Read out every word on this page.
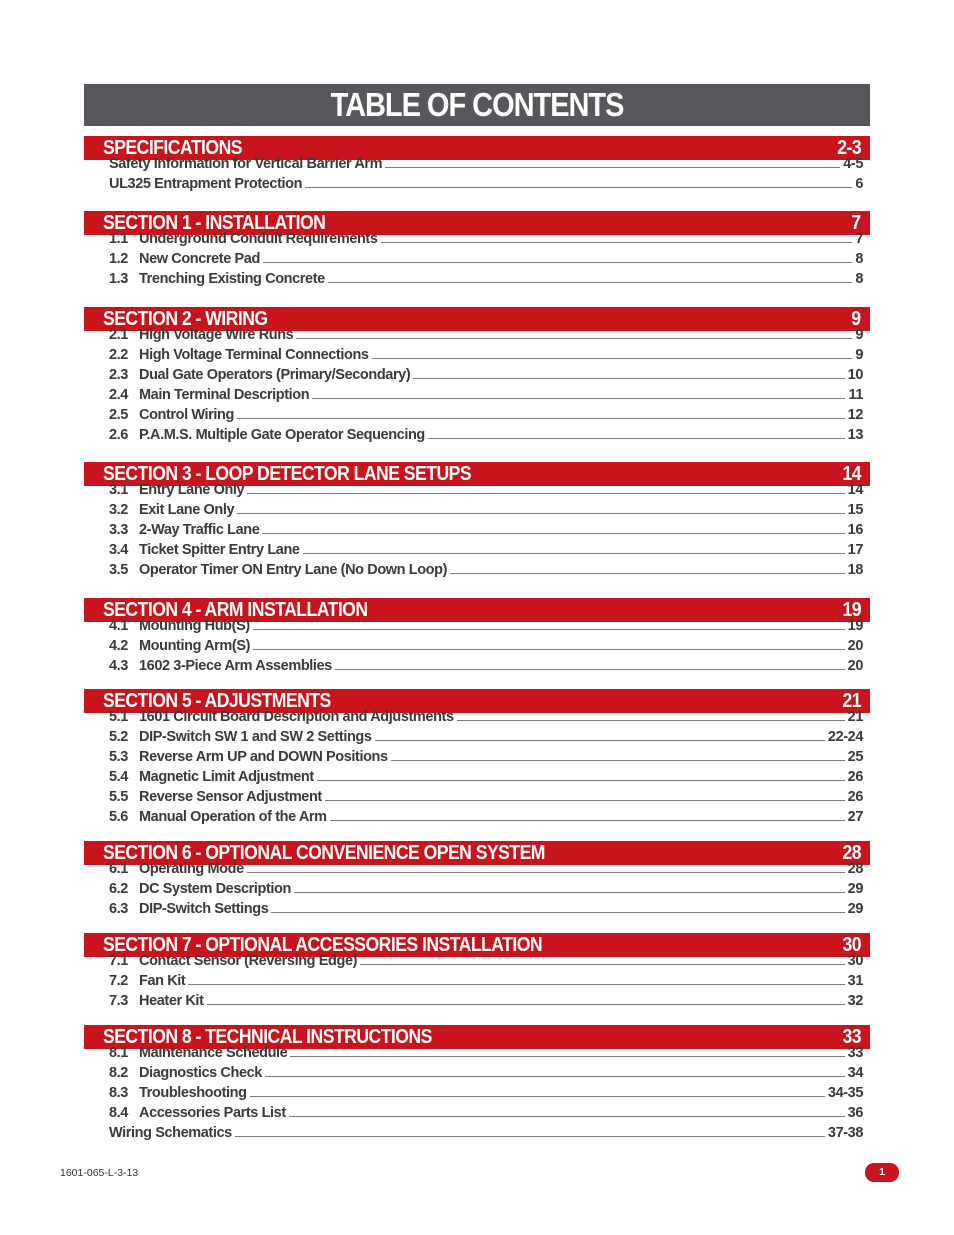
TABLE OF CONTENTS
SPECIFICATIONS	2-3
Safety Information for Vertical Barrier Arm	4-5
UL325 Entrapment Protection	6
SECTION 1 - INSTALLATION	7
1.1 Underground Conduit Requirements	7
1.2 New Concrete Pad	8
1.3 Trenching Existing Concrete	8
SECTION 2 - WIRING	9
2.1 High Voltage Wire Runs	9
2.2 High Voltage Terminal Connections	9
2.3 Dual Gate Operators (Primary/Secondary)	10
2.4 Main Terminal Description	11
2.5 Control Wiring	12
2.6 P.A.M.S. Multiple Gate Operator Sequencing	13
SECTION 3 - LOOP DETECTOR LANE SETUPS	14
3.1 Entry Lane Only	14
3.2 Exit Lane Only	15
3.3 2-Way Traffic Lane	16
3.4 Ticket Spitter Entry Lane	17
3.5 Operator Timer ON Entry Lane (No Down Loop)	18
SECTION 4 - ARM INSTALLATION	19
4.1 Mounting Hub(S)	19
4.2 Mounting Arm(S)	20
4.3 1602 3-Piece Arm Assemblies	20
SECTION 5 - ADJUSTMENTS	21
5.1 1601 Circuit Board Description and Adjustments	21
5.2 DIP-Switch SW 1 and SW 2 Settings	22-24
5.3 Reverse Arm UP and DOWN Positions	25
5.4 Magnetic Limit Adjustment	26
5.5 Reverse Sensor Adjustment	26
5.6 Manual Operation of the Arm	27
SECTION 6 - OPTIONAL CONVENIENCE OPEN SYSTEM	28
6.1 Operating Mode	28
6.2 DC System Description	29
6.3 DIP-Switch Settings	29
SECTION 7 - OPTIONAL ACCESSORIES INSTALLATION	30
7.1 Contact Sensor (Reversing Edge)	30
7.2 Fan Kit	31
7.3 Heater Kit	32
SECTION 8 - TECHNICAL INSTRUCTIONS	33
8.1 Maintenance Schedule	33
8.2 Diagnostics Check	34
8.3 Troubleshooting	34-35
8.4 Accessories Parts List	36
Wiring Schematics	37-38
1601-065-L-3-13	1
